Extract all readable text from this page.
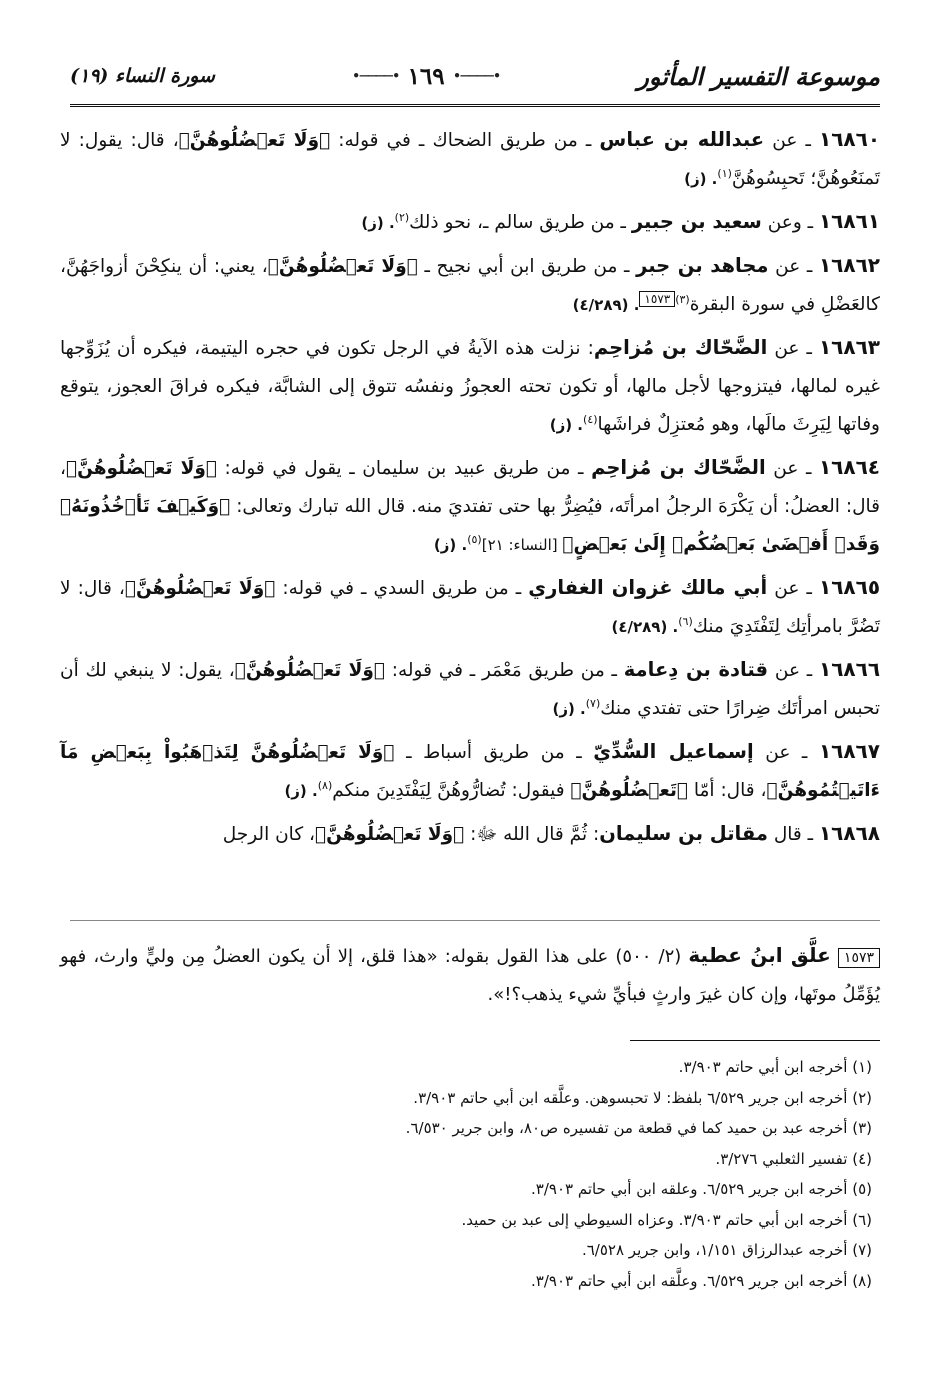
موسوعة التفسير المأثور
•────•
١٦٩
•────•
سورة النساء (١٩)

١٦٨٦٠ ـ عن عبدالله بن عباس ـ من طريق الضحاك ـ في قوله: ﴿وَلَا تَعۡضُلُوهُنَّ﴾، قال: يقول: لا تَمنَعُوهُنَّ؛ تَحبِسُوهُنَّ$^{(١)}$. (ز)

١٦٨٦١ ـ وعن سعيد بن جبير ـ من طريق سالم ـ، نحو ذلك$^{(٢)}$. (ز)

١٦٨٦٢ ـ عن مجاهد بن جبر ـ من طريق ابن أبي نجيح ـ ﴿وَلَا تَعۡضُلُوهُنَّ﴾، يعني: أن ينكِحْنَ أزواجَهُنَّ، كالعَضْلِ في سورة البقرة$^{(٣)}$١٥٧٣. (٤/٢٨٩)

١٦٨٦٣ ـ عن الضَّحّاك بن مُزاحِم: نزلت هذه الآيةُ في الرجل تكون في حجره اليتيمة، فيكره أن يُزَوِّجها غيره لمالها، فيتزوجها لأجل مالها، أو تكون تحته العجوزُ ونفسُه تتوق إلى الشابَّة، فيكره فراقَ العجوز، يتوقع وفاتها لِيَرِثَ مالَها، وهو مُعتزِلٌ فراشَها$^{(٤)}$. (ز)

١٦٨٦٤ ـ عن الضَّحّاك بن مُزاحِم ـ من طريق عبيد بن سليمان ـ يقول في قوله: ﴿وَلَا تَعۡضُلُوهُنَّ﴾، قال: العضلُ: أن يَكْرَهَ الرجلُ امرأتَه، فيُضِرُّ بها حتى تفتديَ منه. قال الله تبارك وتعالى: ﴿وَكَيۡفَ تَأۡخُذُونَهُۥ وَقَدۡ أَفۡضَىٰ بَعۡضُكُمۡ إِلَىٰ بَعۡضٍ﴾ [النساء: ٢١]$^{(٥)}$. (ز)

١٦٨٦٥ ـ عن أبي مالك غزوان الغفاري ـ من طريق السدي ـ في قوله: ﴿وَلَا تَعۡضُلُوهُنَّ﴾، قال: لا تَضُرَّ بامرأتِك لِتَفْتَدِيَ منك$^{(٦)}$. (٤/٢٨٩)

١٦٨٦٦ ـ عن قتادة بن دِعامة ـ من طريق مَعْمَر ـ في قوله: ﴿وَلَا تَعۡضُلُوهُنَّ﴾، يقول: لا ينبغي لك أن تحبس امرأتَك ضِرارًا حتى تفتدي منك$^{(٧)}$. (ز)

١٦٨٦٧ ـ عن إسماعيل السُّدِّيّ ـ من طريق أسباط ـ ﴿وَلَا تَعۡضُلُوهُنَّ لِتَذۡهَبُواْ بِبَعۡضِ مَآ ءَاتَيۡتُمُوهُنَّ﴾، قال: أمّا ﴿تَعۡضُلُوهُنَّ﴾ فيقول: تُضارُّوهُنَّ لِيَفْتَدِينَ منكم$^{(٨)}$. (ز)

١٦٨٦٨ ـ قال مقاتل بن سليمان: ثُمَّ قال الله ﷻ: ﴿وَلَا تَعۡضُلُوهُنَّ﴾، كان الرجل

١٥٧٣ علَّق ابنُ عطية (٢/ ٥٠٠) على هذا القول بقوله: «هذا قلق، إلا أن يكون العضلُ مِن وليٍّ وارث، فهو يُؤَمِّلُ موتَها، وإن كان غيرَ وارثٍ فبأيِّ شيء يذهب؟!».
(١) أخرجه ابن أبي حاتم ٣/٩٠٣.
(٢) أخرجه ابن جرير ٦/٥٢٩ بلفظ: لا تحبسوهن. وعلَّقه ابن أبي حاتم ٣/٩٠٣.
(٣) أخرجه عبد بن حميد كما في قطعة من تفسيره ص٨٠، وابن جرير ٦/٥٣٠.
(٤) تفسير الثعلبي ٣/٢٧٦.
(٥) أخرجه ابن جرير ٦/٥٢٩. وعلقه ابن أبي حاتم ٣/٩٠٣.
(٦) أخرجه ابن أبي حاتم ٣/٩٠٣. وعزاه السيوطي إلى عبد بن حميد.
(٧) أخرجه عبدالرزاق ١/١٥١، وابن جرير ٦/٥٢٨.
(٨) أخرجه ابن جرير ٦/٥٢٩. وعلَّقه ابن أبي حاتم ٣/٩٠٣.
